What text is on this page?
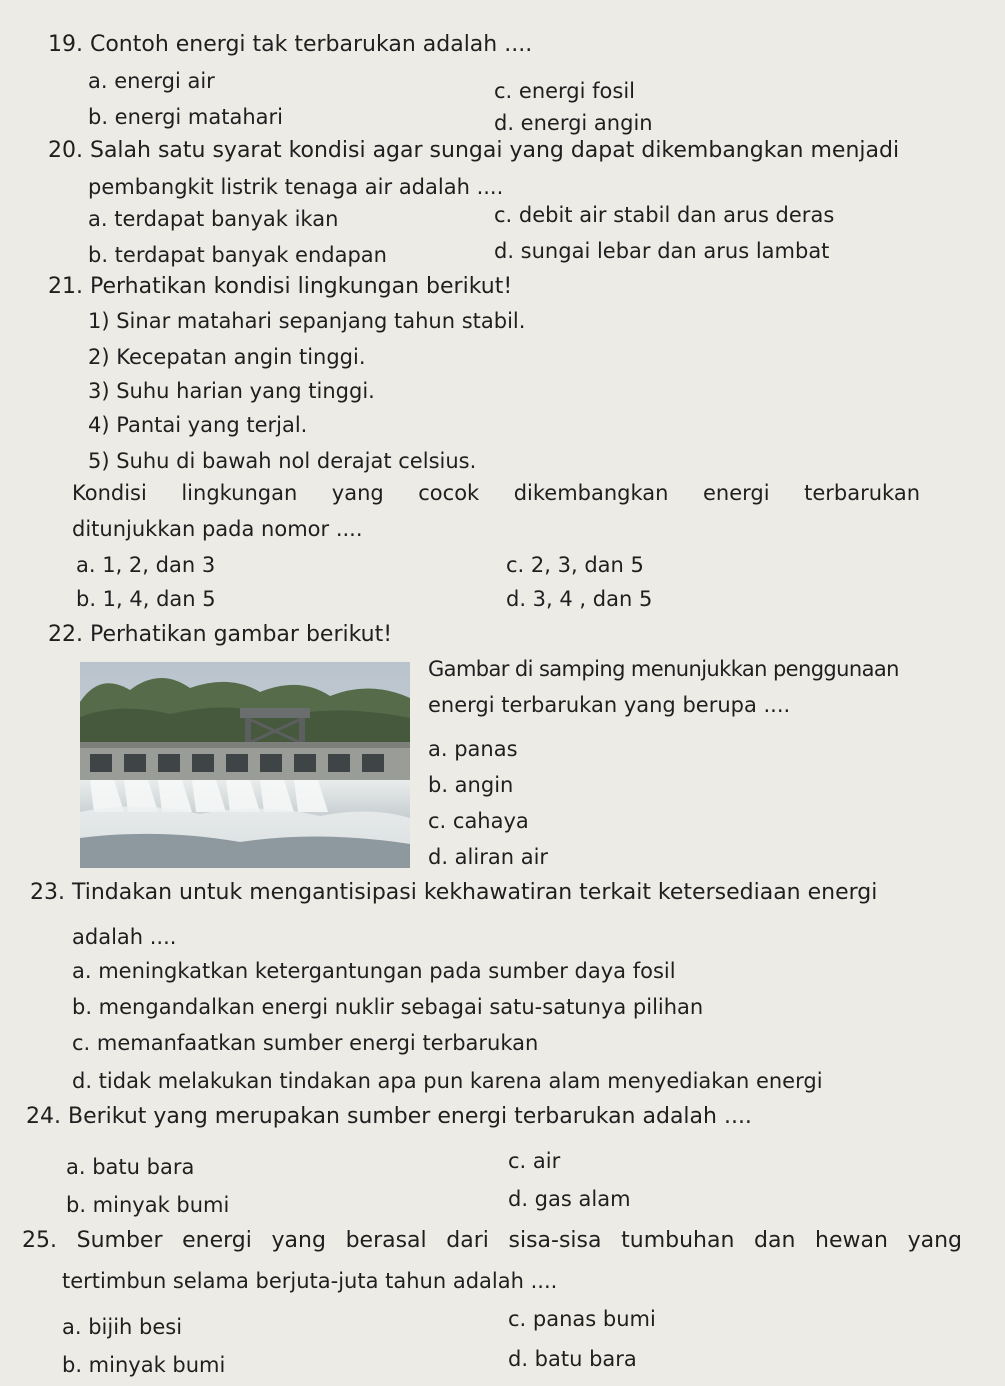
19. Contoh energi tak terbarukan adalah ....
a. energi air	c. energi fosil
b. energi matahari	d. energi angin
20. Salah satu syarat kondisi agar sungai yang dapat dikembangkan menjadi
pembangkit listrik tenaga air adalah ....
a. terdapat banyak ikan	c. debit air stabil dan arus deras
b. terdapat banyak endapan	d. sungai lebar dan arus lambat
21. Perhatikan kondisi lingkungan berikut!
1) Sinar matahari sepanjang tahun stabil.
2) Kecepatan angin tinggi.
3) Suhu harian yang tinggi.
4) Pantai yang terjal.
5) Suhu di bawah nol derajat celsius.
Kondisi lingkungan yang cocok dikembangkan energi terbarukan
ditunjukkan pada nomor ....
a. 1, 2, dan 3	c. 2, 3, dan 5
b. 1, 4, dan 5	d. 3, 4 , dan 5
22. Perhatikan gambar berikut!
Gambar di samping menunjukkan penggunaan
energi terbarukan yang berupa ....
a. panas
b. angin
c. cahaya
d. aliran air
23. Tindakan untuk mengantisipasi kekhawatiran terkait ketersediaan energi
adalah ....
a. meningkatkan ketergantungan pada sumber daya fosil
b. mengandalkan energi nuklir sebagai satu-satunya pilihan
c. memanfaatkan sumber energi terbarukan
d. tidak melakukan tindakan apa pun karena alam menyediakan energi
24. Berikut yang merupakan sumber energi terbarukan adalah ....
a. batu bara	c. air
b. minyak bumi	d. gas alam
25. Sumber energi yang berasal dari sisa-sisa tumbuhan dan hewan yang
tertimbun selama berjuta-juta tahun adalah ....
a. bijih besi	c. panas bumi
b. minyak bumi	d. batu bara
